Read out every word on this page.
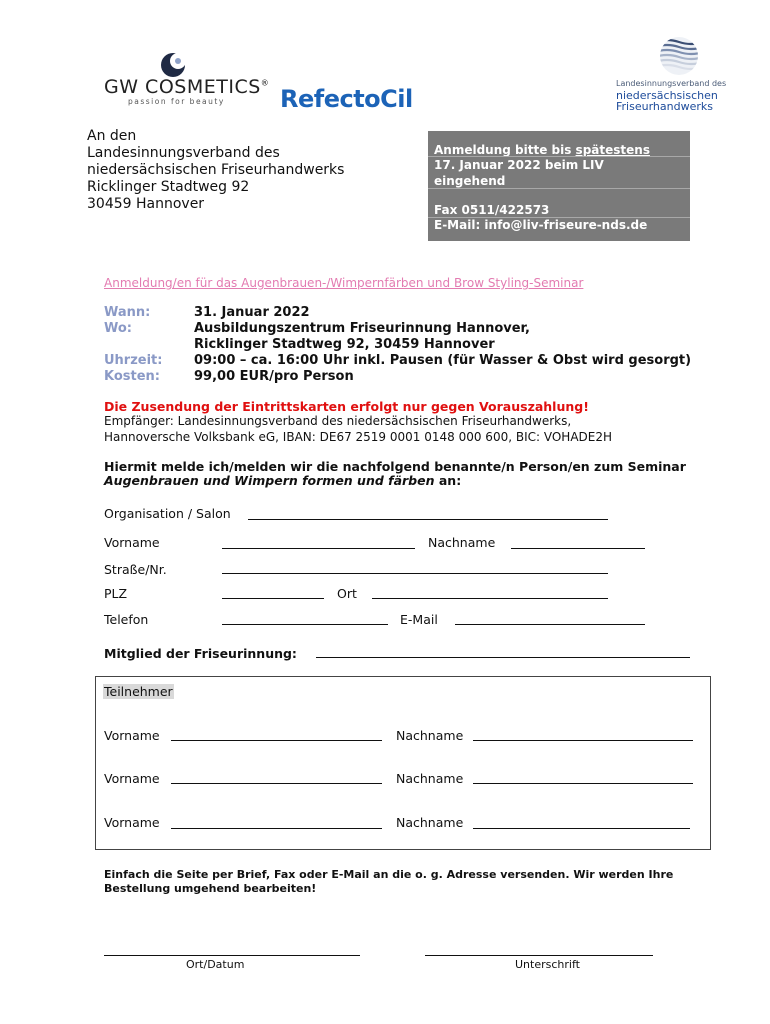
GW COSMETICS®
passion for beauty RefectoCil
Landesinnungsverband des
niedersächsischen
Friseurhandwerks
An den
Landesinnungsverband des
niedersächsischen Friseurhandwerks
Ricklinger Stadtweg 92
30459 Hannover
Anmeldung bitte bis spätestens
17. Januar 2022 beim LIV
eingehend
Fax 0511/422573
E-Mail: info@liv-friseure-nds.de
Anmeldung/en für das Augenbrauen-/Wimpernfärben und Brow Styling-Seminar
Wann:	31. Januar 2022
Wo:	Ausbildungszentrum Friseurinnung Hannover,
Ricklinger Stadtweg 92, 30459 Hannover
Uhrzeit: 09:00 – ca. 16:00 Uhr inkl. Pausen (für Wasser & Obst wird gesorgt)
Kosten:	99,00 EUR/pro Person
Die Zusendung der Eintrittskarten erfolgt nur gegen Vorauszahlung!
Empfänger: Landesinnungsverband des niedersächsischen Friseurhandwerks,
Hannoversche Volksbank eG, IBAN: DE67 2519 0001 0148 000 600, BIC: VOHADE2H
Hiermit melde ich/melden wir die nachfolgend benannte/n Person/en zum Seminar
Augenbrauen und Wimpern formen und färben an:
Organisation / Salon
Vorname	Nachname
Straße/Nr.
PLZ	Ort
Telefon	E-Mail
Mitglied der Friseurinnung:
Teilnehmer
Vorname	Nachname
Vorname	Nachname
Vorname	Nachname
Einfach die Seite per Brief, Fax oder E-Mail an die o. g. Adresse versenden. Wir werden Ihre
Bestellung umgehend bearbeiten!
Ort/Datum	Unterschrift
